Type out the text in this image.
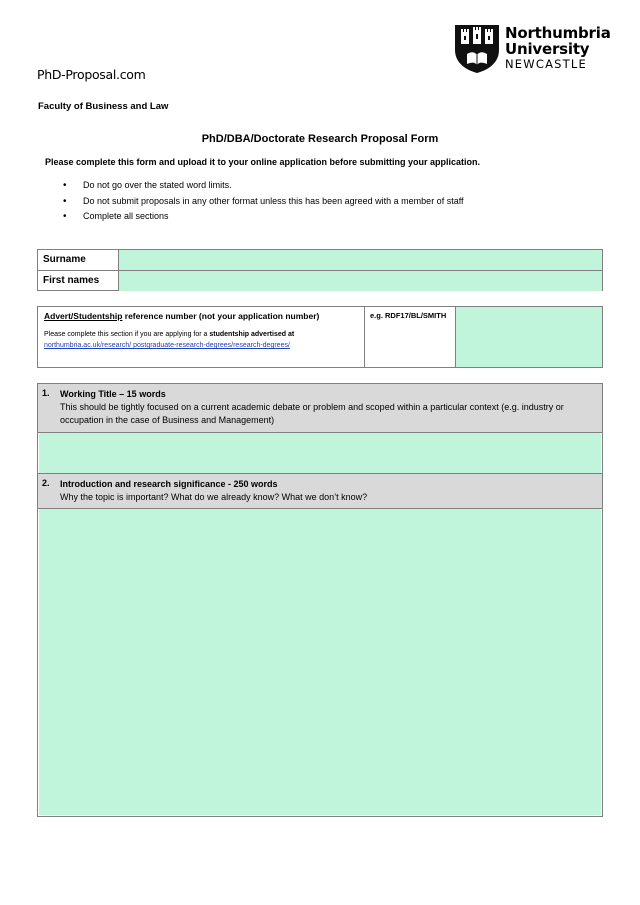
PhD-Proposal.com
Northumbria
University
NEWCASTLE
Faculty of Business and Law
PhD/DBA/Doctorate Research Proposal Form
Please complete this form and upload it to your online application before submitting your application.
• Do not go over the stated word limits.
• Do not submit proposals in any other format unless this has been agreed with a member of staff
• Complete all sections
Surname
First names
Advert/Studentship reference number (not your application number)
Please complete this section if you are applying for a studentship advertised at
northumbria.ac.uk/research/ postgraduate-research-degrees/research-degrees/
e.g. RDF17/BL/SMITH
1.	Working Title – 15 words
This should be tightly focused on a current academic debate or problem and scoped within a particular context (e.g. industry or occupation in the case of Business and Management)
2.	Introduction and research significance - 250 words
Why the topic is important? What do we already know? What we don’t know?
